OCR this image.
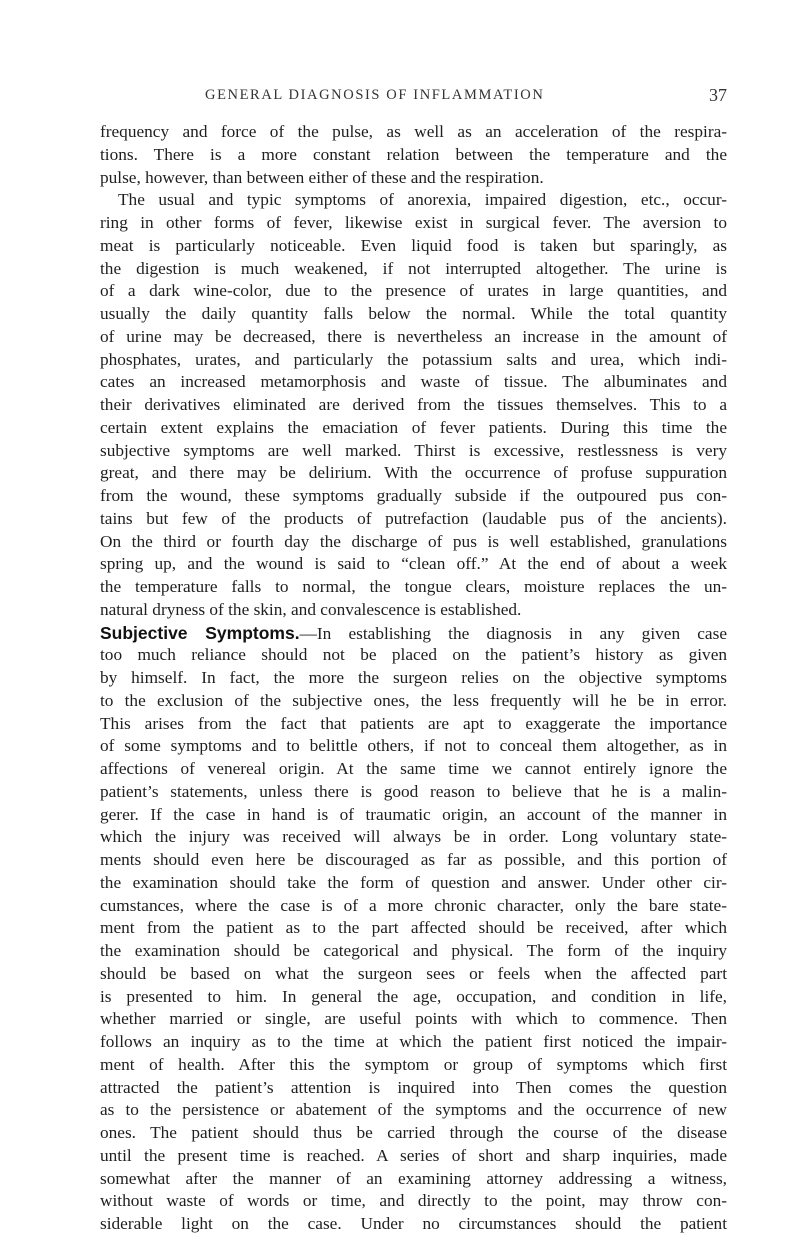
GENERAL DIAGNOSIS OF INFLAMMATION	37
frequency and force of the pulse, as well as an acceleration of the respira-
tions. There is a more constant relation between the temperature and the
pulse, however, than between either of these and the respiration.
The usual and typic symptoms of anorexia, impaired digestion, etc., occur-
ring in other forms of fever, likewise exist in surgical fever. The aversion to
meat is particularly noticeable. Even liquid food is taken but sparingly, as
the digestion is much weakened, if not interrupted altogether. The urine is
of a dark wine-color, due to the presence of urates in large quantities, and
usually the daily quantity falls below the normal. While the total quantity
of urine may be decreased, there is nevertheless an increase in the amount of
phosphates, urates, and particularly the potassium salts and urea, which indi-
cates an increased metamorphosis and waste of tissue. The albuminates and
their derivatives eliminated are derived from the tissues themselves. This to a
certain extent explains the emaciation of fever patients. During this time the
subjective symptoms are well marked. Thirst is excessive, restlessness is very
great, and there may be delirium. With the occurrence of profuse suppuration
from the wound, these symptoms gradually subside if the outpoured pus con-
tains but few of the products of putrefaction (laudable pus of the ancients).
On the third or fourth day the discharge of pus is well established, granulations
spring up, and the wound is said to “clean off.” At the end of about a week
the temperature falls to normal, the tongue clears, moisture replaces the un-
natural dryness of the skin, and convalescence is established.
Subjective Symptoms.—In establishing the diagnosis in any given case
too much reliance should not be placed on the patient’s history as given
by himself. In fact, the more the surgeon relies on the objective symptoms
to the exclusion of the subjective ones, the less frequently will he be in error.
This arises from the fact that patients are apt to exaggerate the importance
of some symptoms and to belittle others, if not to conceal them altogether, as in
affections of venereal origin. At the same time we cannot entirely ignore the
patient’s statements, unless there is good reason to believe that he is a malin-
gerer. If the case in hand is of traumatic origin, an account of the manner in
which the injury was received will always be in order. Long voluntary state-
ments should even here be discouraged as far as possible, and this portion of
the examination should take the form of question and answer. Under other cir-
cumstances, where the case is of a more chronic character, only the bare state-
ment from the patient as to the part affected should be received, after which
the examination should be categorical and physical. The form of the inquiry
should be based on what the surgeon sees or feels when the affected part
is presented to him. In general the age, occupation, and condition in life,
whether married or single, are useful points with which to commence. Then
follows an inquiry as to the time at which the patient first noticed the impair-
ment of health. After this the symptom or group of symptoms which first
attracted the patient’s attention is inquired into Then comes the question
as to the persistence or abatement of the symptoms and the occurrence of new
ones. The patient should thus be carried through the course of the disease
until the present time is reached. A series of short and sharp inquiries, made
somewhat after the manner of an examining attorney addressing a witness,
without waste of words or time, and directly to the point, may throw con-
siderable light on the case. Under no circumstances should the patient
